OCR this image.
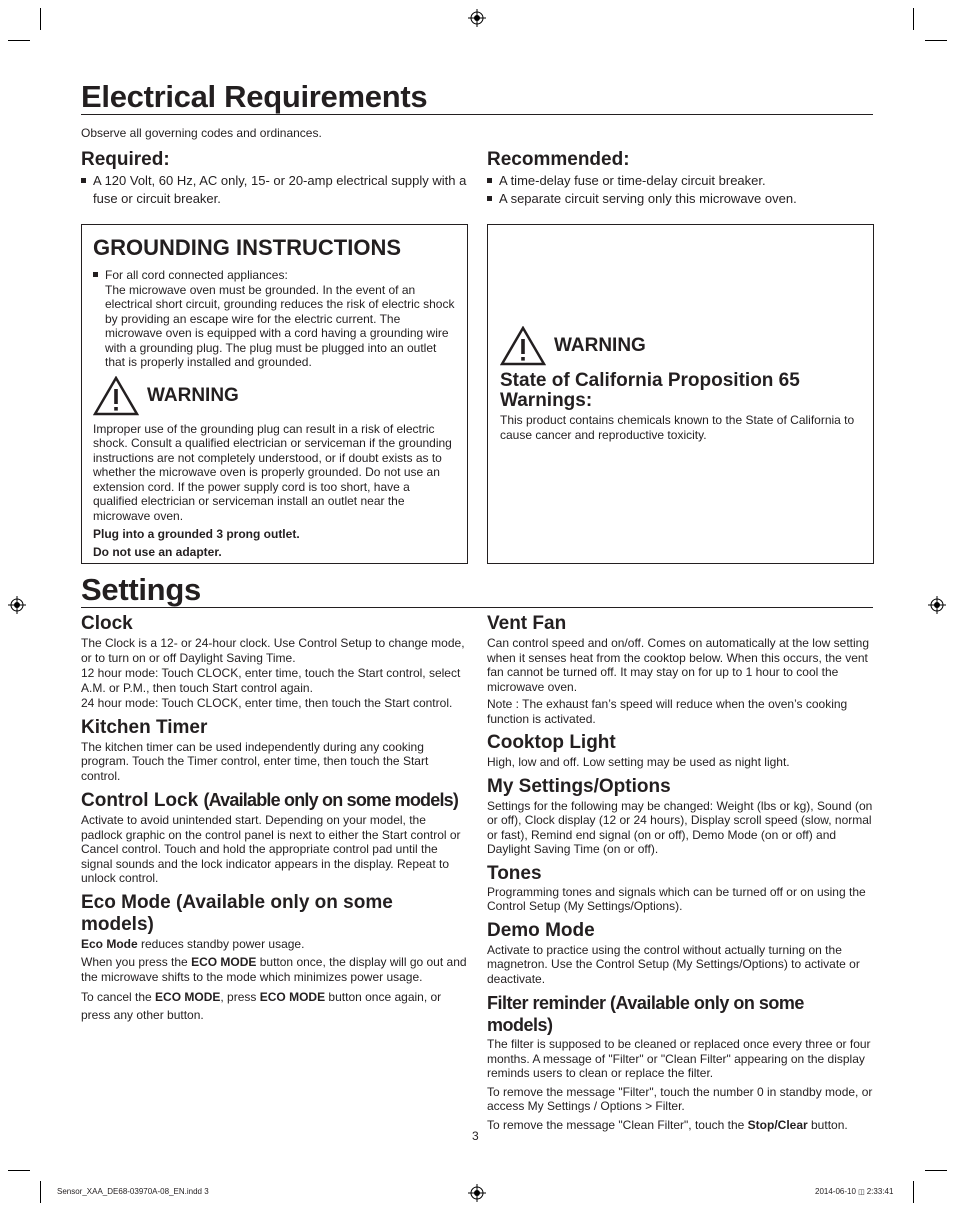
Electrical Requirements

Observe all governing codes and ordinances.

Required:
A 120 Volt, 60 Hz, AC only, 15- or 20-amp electrical supply with a fuse or circuit breaker.
Recommended:
A time-delay fuse or time-delay circuit breaker.
A separate circuit serving only this microwave oven.
GROUNDING INSTRUCTIONS
For all cord connected appliances:
The microwave oven must be grounded. In the event of an electrical short circuit, grounding reduces the risk of electric shock by providing an escape wire for the electric current. The microwave oven is equipped with a cord having a grounding wire with a grounding plug. The plug must be plugged into an outlet that is properly installed and grounded.
WARNING

Improper use of the grounding plug can result in a risk of electric shock. Consult a qualified electrician or serviceman if the grounding instructions are not completely understood, or if doubt exists as to whether the microwave oven is properly grounded. Do not use an extension cord. If the power supply cord is too short, have a qualified electrician or serviceman install an outlet near the microwave oven.

Plug into a grounded 3 prong outlet.

Do not use an adapter.

WARNING
State of California Proposition 65 Warnings:

This product contains chemicals known to the State of California to cause cancer and reproductive toxicity.

Settings
Clock

The Clock is a 12- or 24-hour clock. Use Control Setup to change mode, or to turn on or off Daylight Saving Time.

12 hour mode: Touch CLOCK, enter time, touch the Start control, select A.M. or P.M., then touch Start control again.

24 hour mode: Touch CLOCK, enter time, then touch the Start control.

Kitchen Timer

The kitchen timer can be used independently during any cooking program. Touch the Timer control, enter time, then touch the Start control.

Control Lock (Available only on some models)

Activate to avoid unintended start. Depending on your model, the padlock graphic on the control panel is next to either the Start control or Cancel control. Touch and hold the appropriate control pad until the signal sounds and the lock indicator appears in the display. Repeat to unlock control.

Eco Mode (Available only on some models)

Eco Mode reduces standby power usage.

When you press the ECO MODE button once, the display will go out and the microwave shifts to the mode which minimizes power usage.

To cancel the ECO MODE, press ECO MODE button once again, or press any other button.

Vent Fan

Can control speed and on/off. Comes on automatically at the low setting when it senses heat from the cooktop below. When this occurs, the vent fan cannot be turned off. It may stay on for up to 1 hour to cool the microwave oven.

Note : The exhaust fan’s speed will reduce when the oven’s cooking function is activated.

Cooktop Light

High, low and off. Low setting may be used as night light.

My Settings/Options

Settings for the following may be changed: Weight (lbs or kg), Sound (on or off), Clock display (12 or 24 hours), Display scroll speed (slow, normal or fast), Remind end signal (on or off), Demo Mode (on or off) and Daylight Saving Time (on or off).

Tones

Programming tones and signals which can be turned off or on using the Control Setup (My Settings/Options).

Demo Mode

Activate to practice using the control without actually turning on the magnetron. Use the Control Setup (My Settings/Options) to activate or deactivate.

Filter reminder (Available only on some models)

The filter is supposed to be cleaned or replaced once every three or four months. A message of "Filter" or "Clean Filter" appearing on the display reminds users to clean or replace the filter.

To remove the message "Filter", touch the number 0 in standby mode, or access My Settings / Options > Filter.

To remove the message "Clean Filter", touch the Stop/Clear button.

3
Sensor_XAA_DE68-03970A-08_EN.indd 3	2014-06-10 ◫ 2:33:41
